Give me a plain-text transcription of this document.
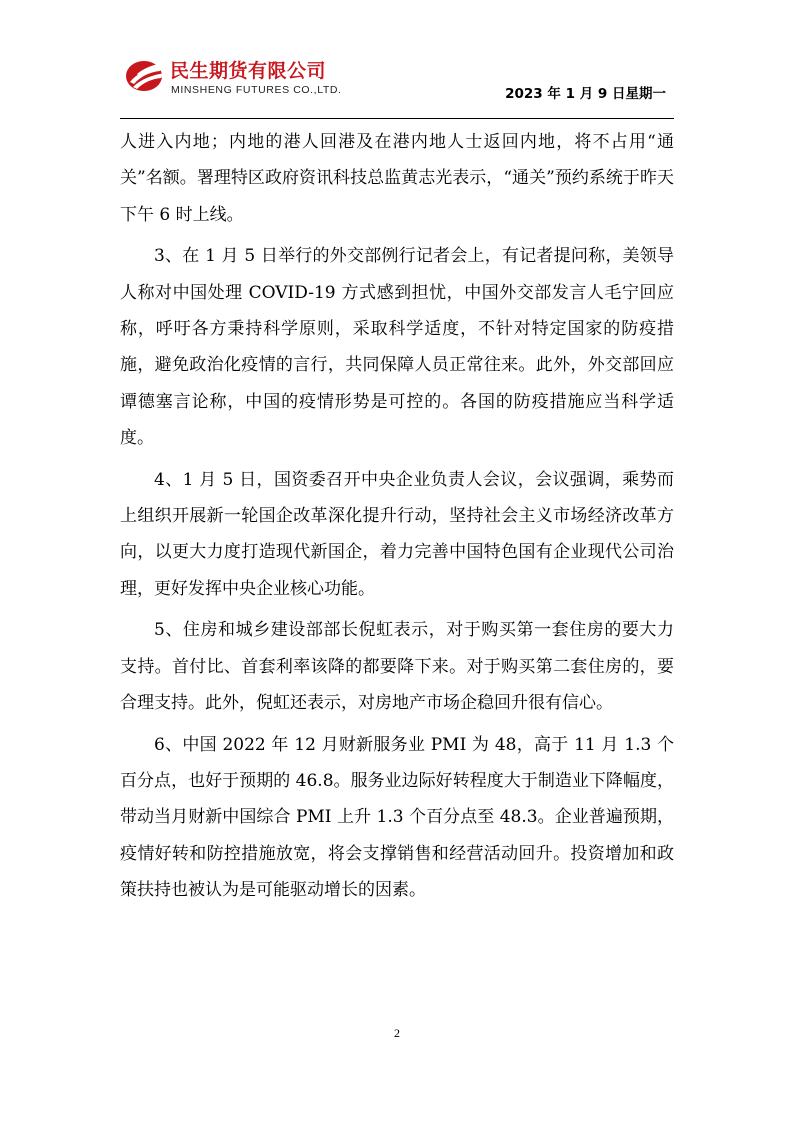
民生期货有限公司
MINSHENG FUTURES CO.,LTD.	2023 年 1 月 9 日星期一

人进入内地；内地的港人回港及在港内地人士返回内地，将不占用“通关”名额。署理特区政府资讯科技总监黄志光表示，“通关”预约系统于昨天下午 6 时上线。

3、在 1 月 5 日举行的外交部例行记者会上，有记者提问称，美领导人称对中国处理 COVID-19 方式感到担忧，中国外交部发言人毛宁回应称，呼吁各方秉持科学原则，采取科学适度，不针对特定国家的防疫措施，避免政治化疫情的言行，共同保障人员正常往来。此外，外交部回应谭德塞言论称，中国的疫情形势是可控的。各国的防疫措施应当科学适度。

4、1 月 5 日，国资委召开中央企业负责人会议，会议强调，乘势而上组织开展新一轮国企改革深化提升行动，坚持社会主义市场经济改革方向，以更大力度打造现代新国企，着力完善中国特色国有企业现代公司治理，更好发挥中央企业核心功能。

5、住房和城乡建设部部长倪虹表示，对于购买第一套住房的要大力支持。首付比、首套利率该降的都要降下来。对于购买第二套住房的，要合理支持。此外，倪虹还表示，对房地产市场企稳回升很有信心。

6、中国 2022 年 12 月财新服务业 PMI 为 48，高于 11 月 1.3 个百分点，也好于预期的 46.8。服务业边际好转程度大于制造业下降幅度，带动当月财新中国综合 PMI 上升 1.3 个百分点至 48.3。企业普遍预期，疫情好转和防控措施放宽，将会支撑销售和经营活动回升。投资增加和政策扶持也被认为是可能驱动增长的因素。

2
